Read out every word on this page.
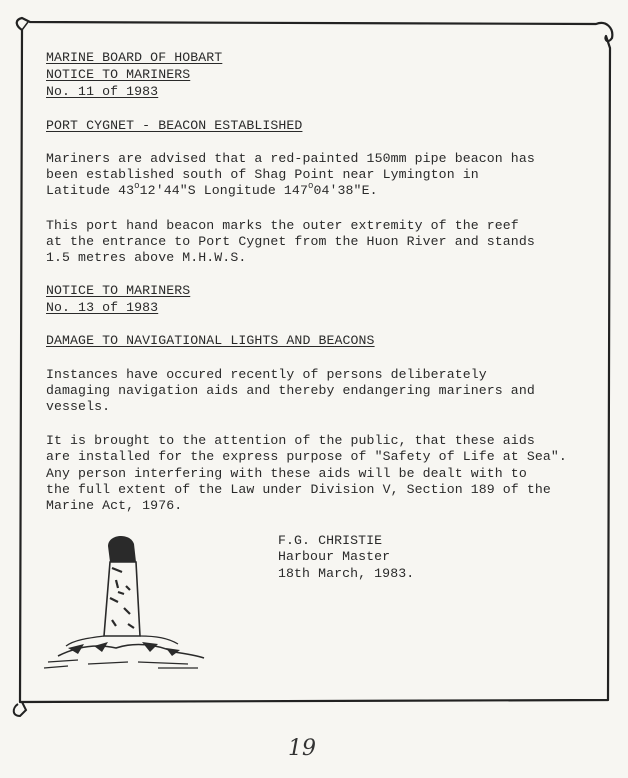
MARINE BOARD OF HOBART

NOTICE TO MARINERS

No. 11 of 1983

PORT CYGNET - BEACON ESTABLISHED

Mariners are advised that a red-painted 150mm pipe beacon has

been established south of Shag Point near Lymington in

Latitude 43$^o$12'44"S Longitude 147$^o$04'38"E.

This port hand beacon marks the outer extremity of the reef

at the entrance to Port Cygnet from the Huon River and stands

1.5 metres above M.H.W.S.

NOTICE TO MARINERS

No. 13 of 1983

DAMAGE TO NAVIGATIONAL LIGHTS AND BEACONS

Instances have occured recently of persons deliberately

damaging navigation aids and thereby endangering mariners and

vessels.

It is brought to the attention of the public, that these aids

are installed for the express purpose of "Safety of Life at Sea".

Any person interfering with these aids will be dealt with to

the full extent of the Law under Division V, Section 189 of the

Marine Act, 1976.

F.G. CHRISTIE

Harbour Master

18th March, 1983.

19
